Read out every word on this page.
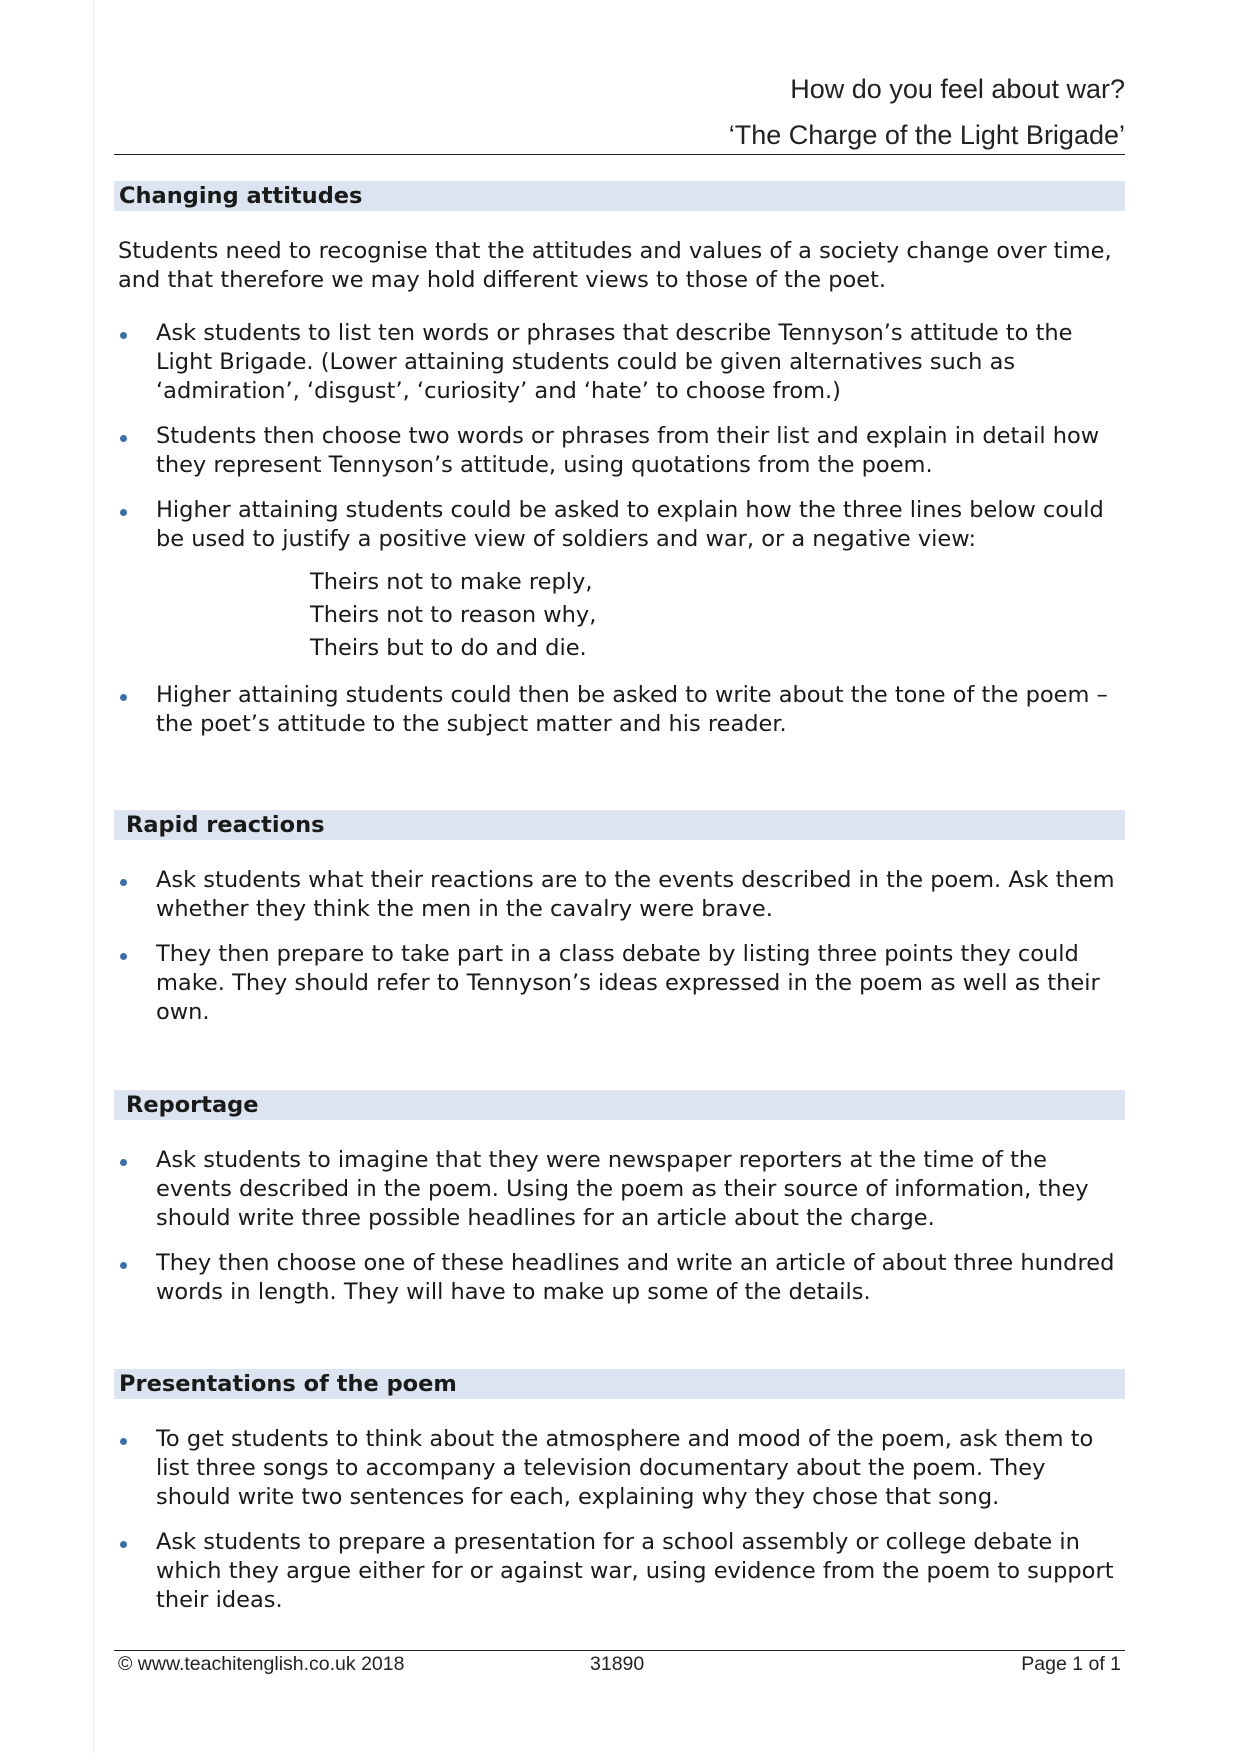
How do you feel about war?
‘The Charge of the Light Brigade’
Changing attitudes

Students need to recognise that the attitudes and values of a society change over time, and that therefore we may hold different views to those of the poet.

Ask students to list ten words or phrases that describe Tennyson’s attitude to the Light Brigade. (Lower attaining students could be given alternatives such as ‘admiration’, ‘disgust’, ‘curiosity’ and ‘hate’ to choose from.)
Students then choose two words or phrases from their list and explain in detail how they represent Tennyson’s attitude, using quotations from the poem.
Higher attaining students could be asked to explain how the three lines below could be used to justify a positive view of soldiers and war, or a negative view:
Theirs not to make reply,
Theirs not to reason why,
Theirs but to do and die.
Higher attaining students could then be asked to write about the tone of the poem – the poet’s attitude to the subject matter and his reader.
Rapid reactions
Ask students what their reactions are to the events described in the poem. Ask them whether they think the men in the cavalry were brave.
They then prepare to take part in a class debate by listing three points they could make. They should refer to Tennyson’s ideas expressed in the poem as well as their own.
Reportage
Ask students to imagine that they were newspaper reporters at the time of the events described in the poem. Using the poem as their source of information, they should write three possible headlines for an article about the charge.
They then choose one of these headlines and write an article of about three hundred words in length. They will have to make up some of the details.
Presentations of the poem
To get students to think about the atmosphere and mood of the poem, ask them to list three songs to accompany a television documentary about the poem. They should write two sentences for each, explaining why they chose that song.
Ask students to prepare a presentation for a school assembly or college debate in which they argue either for or against war, using evidence from the poem to support their ideas.
© www.teachitenglish.co.uk 2018	31890	Page 1 of 1
